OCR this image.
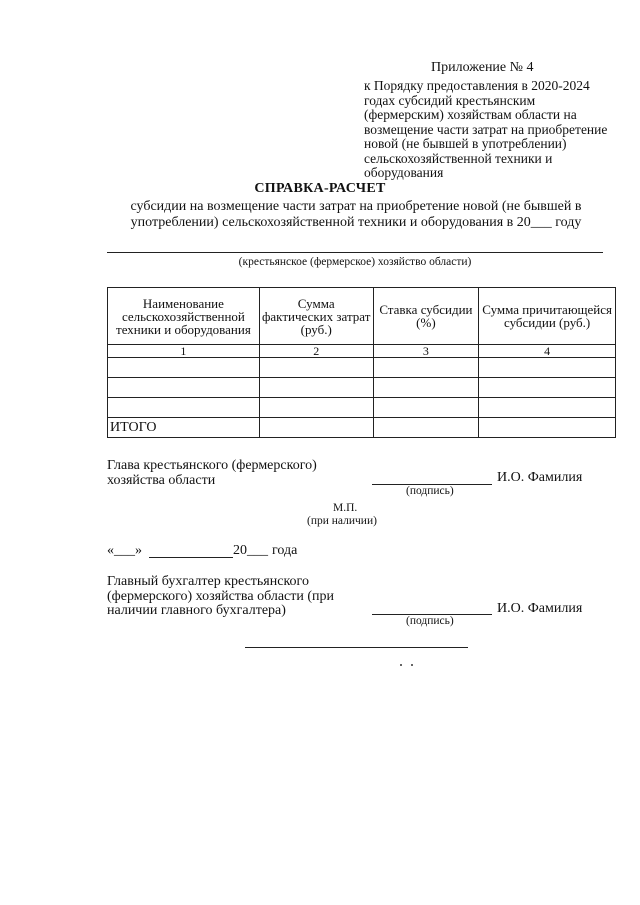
Приложение № 4
к Порядку предоставления в 2020-2024 годах субсидий крестьянским (фермерским) хозяйствам области на возмещение части затрат на приобретение новой (не бывшей в употреблении) сельскохозяйственной техники и оборудования
СПРАВКА-РАСЧЕТ
субсидии на возмещение части затрат на приобретение новой (не бывшей в употреблении) сельскохозяйственной техники и оборудования в 20___ году
(крестьянское (фермерское) хозяйство области)
Наименование сельскохозяйственной техники и оборудования	Сумма фактических затрат (руб.)	Ставка субсидии (%)	Сумма причитающейся субсидии (руб.)
1	2	3	4

ИТОГО			
Глава крестьянского (фермерского) хозяйства области	И.О. Фамилия
(подпись)
М.П.
(при наличии)
«___»	20___ года
Главный бухгалтер крестьянского (фермерского) хозяйства области (при наличии главного бухгалтера)	И.О. Фамилия
(подпись)
